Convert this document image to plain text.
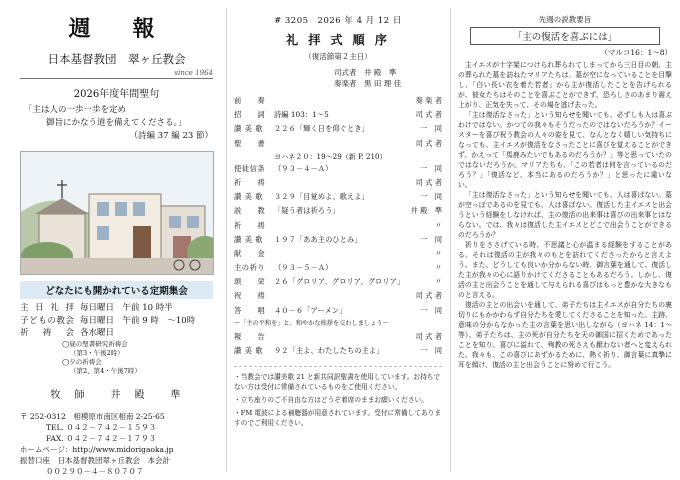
週　報
日本基督教団　翠ヶ丘教会
since 1964
2026年度年間聖句
「主は人の一歩一歩を定め
御旨にかなう道を備えてくださる。」
（詩編 37 編 23 節）
どなたにも開かれている定期集会
主日礼拝 毎日曜日　午前 10 時半
子どもの教会 毎日曜日　午前 9 時　〜10時
祈 祷 会 各水曜日
◯昼の聖書研究祈祷会
（第3・午後2時）
◯夕の祈祷会
（第2、第4・午後7時）
牧　師　　井　殿　　準
〒 252-0312　相模原市南区相南 2-25-65
TEL. ０４２－７４２－１５９３
FAX. ０４２－７４２－１７９３
ホームページ：http://www.midorigaoka.jp
振替口座　 日本基督教団翠ヶ丘教会　本会計
００２９０－４－８０７０７
# 3205　2026 年 4 月 12 日
礼 拝 式 順 序
（復活節第２主日）
司式者　井 殿　準
奏楽者　黒 田 理 佳
前　　奏	奏 楽 者
招　　詞	詩編 103：1～5	司 式 者
讃 美 歌	２２６「輝く日を仰ぐとき」	一　同
聖　　書	司 式 者
ヨハネ２０：19～29（新 P. 210）
使徒信条	（９３－４－Ａ）	一　同
祈　　祷	司 式 者
讃 美 歌	３２９「目覚めよ、歌えよ」	一　同
説　　教	「疑う者は祈ろう」	井 殿　準
祈　　祷	〃
讃 美 歌	１９７「ああ主のひとみ」	一　同
献　　金	〃
主の祈り	（９３－５－Ａ）	〃
頌　　栄	２６「グロリア、グロリア、グロリア」	〃
祝　　祷	司 式 者
答　　唱	４０－６「アーメン」	一　同
～「主の平和を」と、和やかな挨拶を交わしましょう～
報　　告	司 式 者
讃 美 歌	９２「主よ、わたしたちの主よ」	一　同
・当教会では讃美歌 21 と新共同訳聖書を使用しています。お持ちでない方は受付に常備されているものをご使用ください。
・立ち座りのご不自由な方はどうぞ着席のままお願いください。
・FM 電波による補聴器が用意されています。受付に常備してありますのでご利用ください。
先週の説教要旨
「主の復活を喜ぶには」
（マルコ16：1～8）

主イエスが十字架につけられ葬られてしまってから三日目の朝、主の葬られた墓を訪ねたマリアたちは、墓が空になっていることを目撃し、「白い長い衣を着た若者」から主が復活したことを告げられるが、彼女たちはそのことを喜ぶことができず、恐ろしさのあまり震え上がり、正気を失って、その場を逃げ去った。

「主は復活なさった」という知らせを聞いても、必ずしも人は喜ぶわけではない。かつての我々もそうだったのではないだろうか？イースターを喜び祝う教会の人々の姿を見て、なんとなく嬉しい気持ちになっても、主イエスが復活をなさったことに喜びを覚えることができず、かえって「馬鹿みたいでもあるのだろうか？」等と思っていたのではないだろうか。マリアたちも、「この若者は何を言っているのだろう？」「復活など、本当にあるのだろうか？」と思ったに違いない。

「主は復活なさった」という知らせを聞いても、人は喜ばない。墓が空っぽであるのを見ても、人は喜ばない。復活した主イエスと出会うという経験をしなければ、主の復活の出来事は喜びの出来事とはならない。では、我々は復活した主イエスとどこで出会うことができるのだろうか？

祈りをささげている時、不思議と心が温まる経験をすることがある。それは復活の主が我々のもとを訪れてくださったからと言えよう。また、どうしても良いか分からない時、御言葉を通して、復活した主が我々の心に語りかけてくださることもあるだろう。しかし、復活の主と出会うことを通して与えられる喜びはもっと豊かな大きなものと言える。

復活の主との出会いを通して、弟子たちは主イエスが自分たちの裏切りにもかかわらず自分たちを愛してくださることを知った。主跡、意味の分からなかった主の言葉を思い出しながら（ヨハネ 14：1～等）、弟子たちは、主の死が自分たちを天の御国に招くためであったことを知り、喜びに溢れて、殉教の死さえも厭わない者へと変えられた。我々も、この喜びにあずかるために、熱く祈り、御言葉に真摯に耳を傾け、復活の主と出会うことに努めて行こう。
